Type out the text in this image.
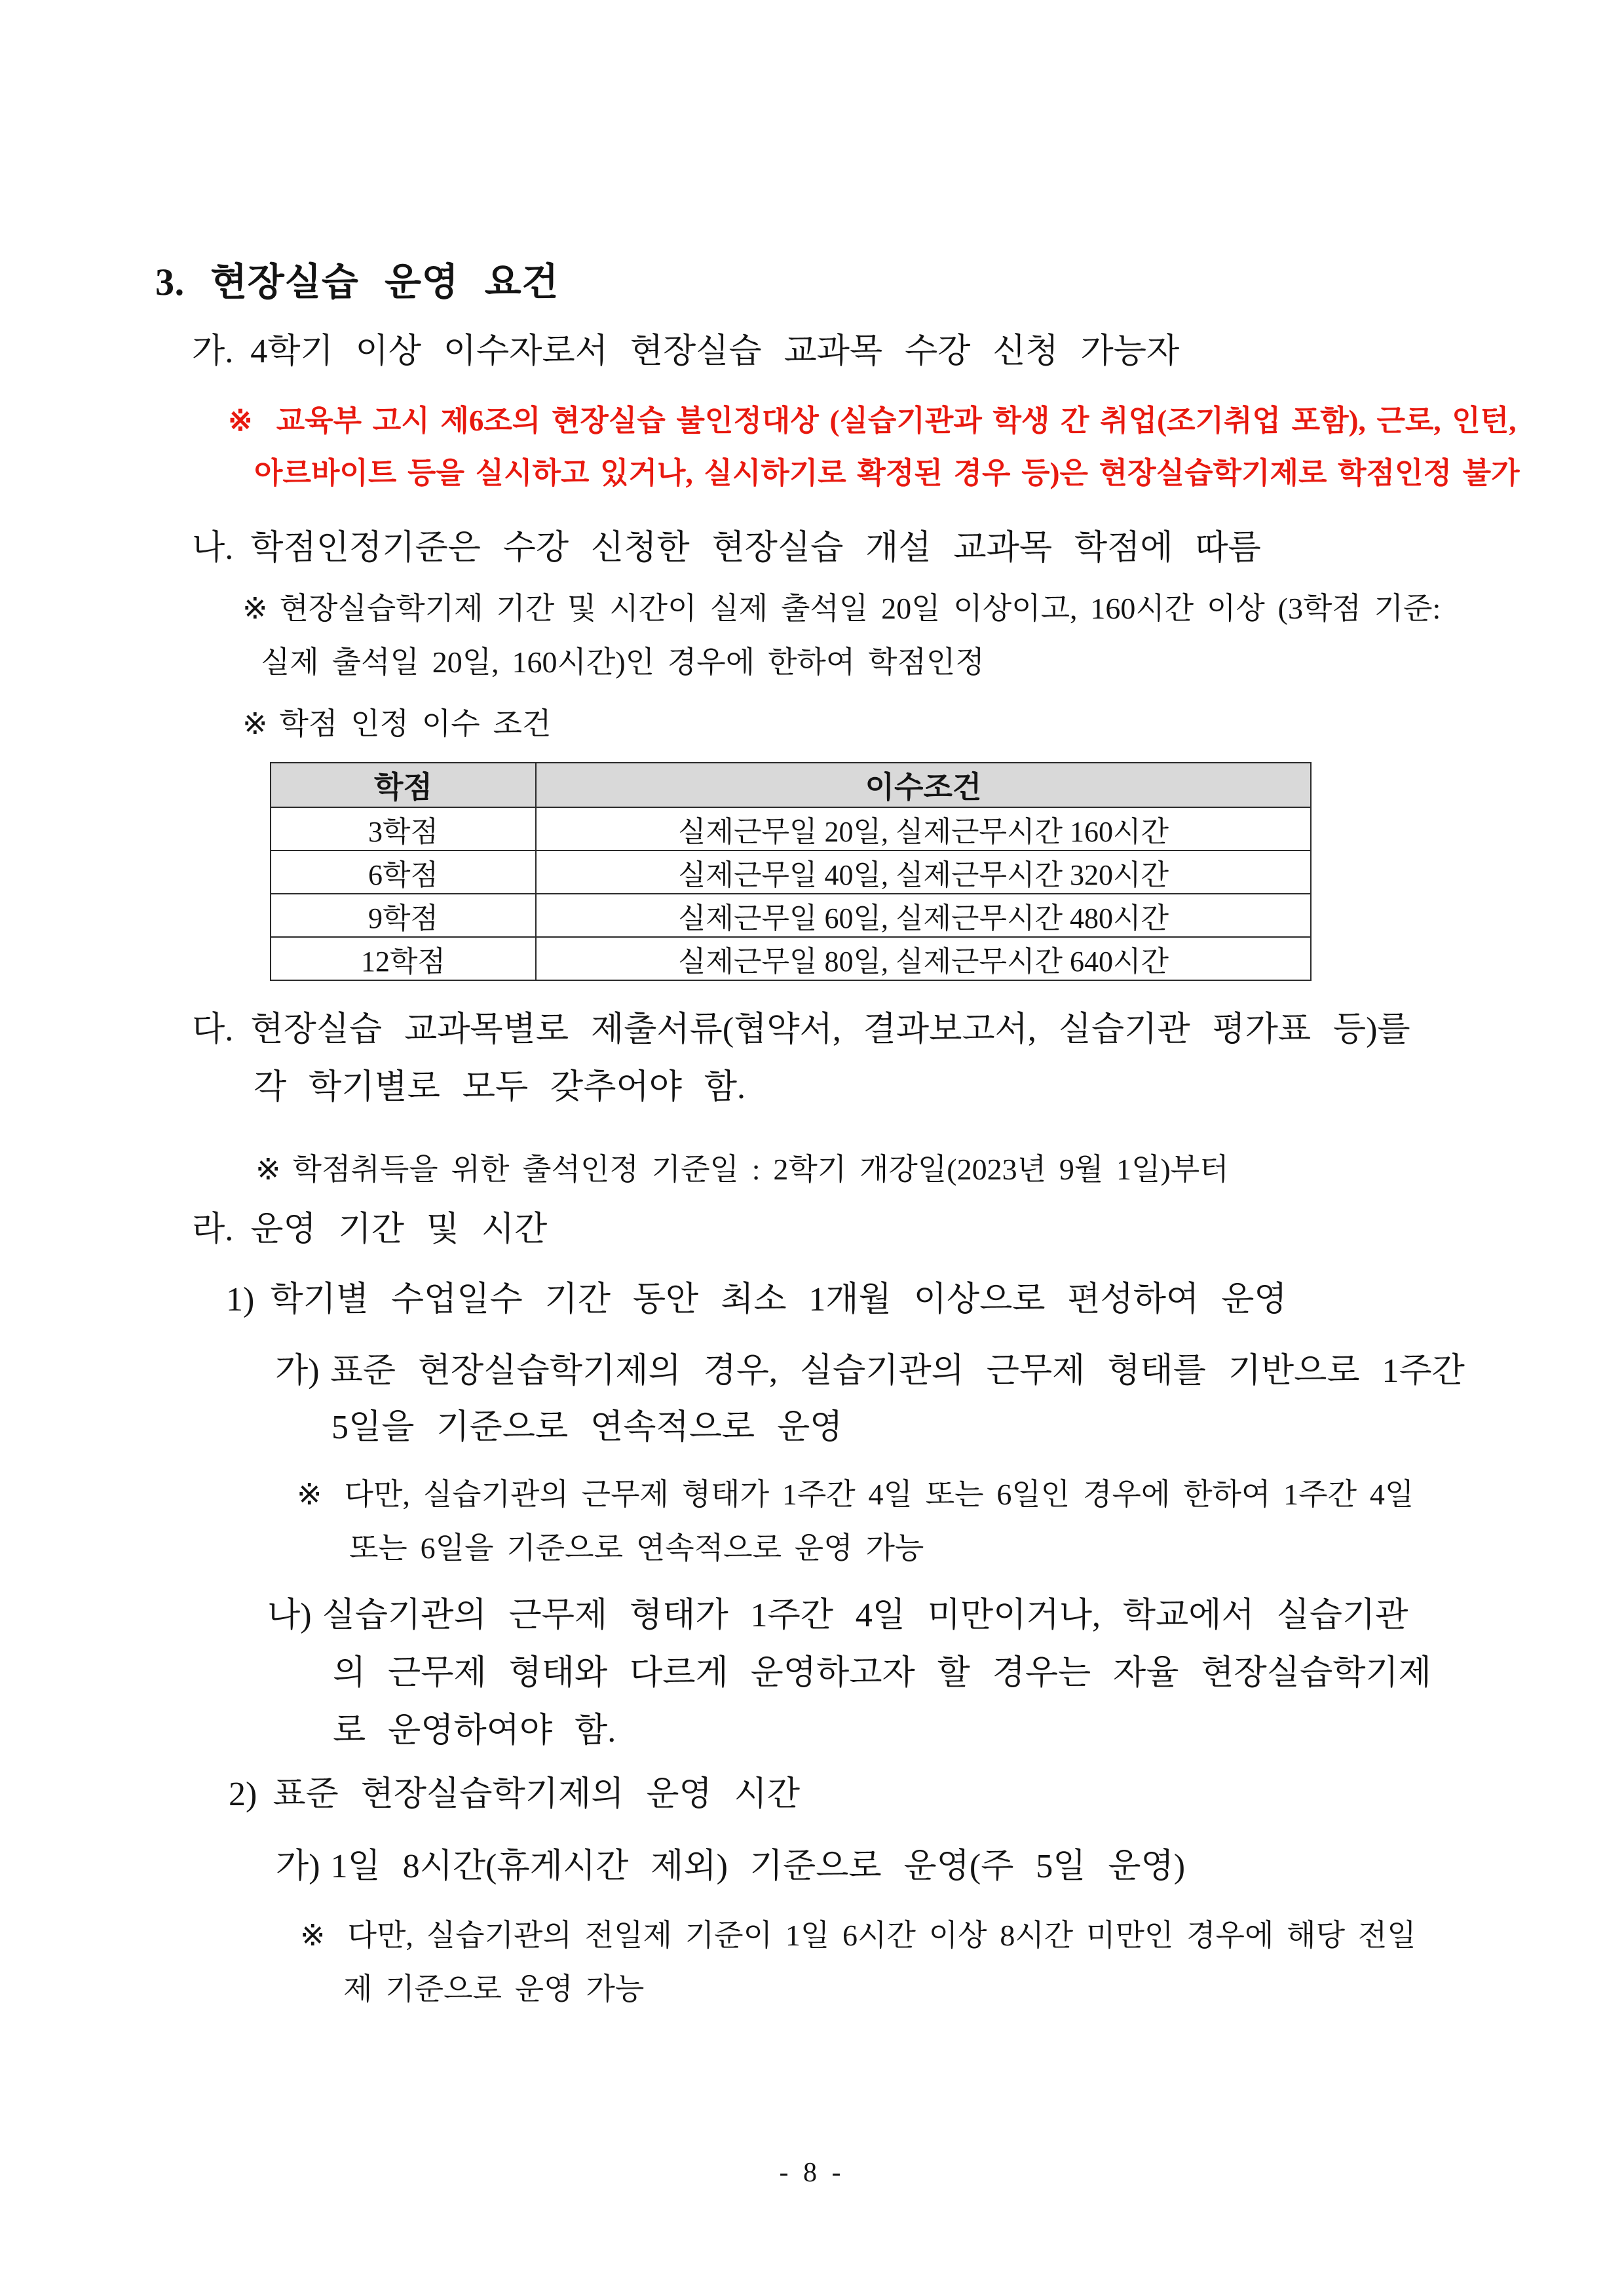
3. 현장실습 운영 요건
가. 4학기 이상 이수자로서 현장실습 교과목 수강 신청 가능자
※ 교육부 고시 제6조의 현장실습 불인정대상 (실습기관과 학생 간 취업(조기취업 포함), 근로, 인턴,
아르바이트 등을 실시하고 있거나, 실시하기로 확정된 경우 등)은 현장실습학기제로 학점인정 불가
나. 학점인정기준은 수강 신청한 현장실습 개설 교과목 학점에 따름
※ 현장실습학기제 기간 및 시간이 실제 출석일 20일 이상이고, 160시간 이상 (3학점 기준:
실제 출석일 20일, 160시간)인 경우에 한하여 학점인정
※ 학점 인정 이수 조건
학점	이수조건
3학점	실제근무일 20일, 실제근무시간 160시간
6학점	실제근무일 40일, 실제근무시간 320시간
9학점	실제근무일 60일, 실제근무시간 480시간
12학점	실제근무일 80일, 실제근무시간 640시간
다. 현장실습 교과목별로 제출서류(협약서, 결과보고서, 실습기관 평가표 등)를
각 학기별로 모두 갖추어야 함.
※ 학점취득을 위한 출석인정 기준일 : 2학기 개강일(2023년 9월 1일)부터
라. 운영 기간 및 시간
1) 학기별 수업일수 기간 동안 최소 1개월 이상으로 편성하여 운영
가) 표준 현장실습학기제의 경우, 실습기관의 근무제 형태를 기반으로 1주간
5일을 기준으로 연속적으로 운영
※ 다만, 실습기관의 근무제 형태가 1주간 4일 또는 6일인 경우에 한하여 1주간 4일
또는 6일을 기준으로 연속적으로 운영 가능
나) 실습기관의 근무제 형태가 1주간 4일 미만이거나, 학교에서 실습기관
의 근무제 형태와 다르게 운영하고자 할 경우는 자율 현장실습학기제
로 운영하여야 함.
2) 표준 현장실습학기제의 운영 시간
가) 1일 8시간(휴게시간 제외) 기준으로 운영(주 5일 운영)
※ 다만, 실습기관의 전일제 기준이 1일 6시간 이상 8시간 미만인 경우에 해당 전일
제 기준으로 운영 가능
- 8 -
